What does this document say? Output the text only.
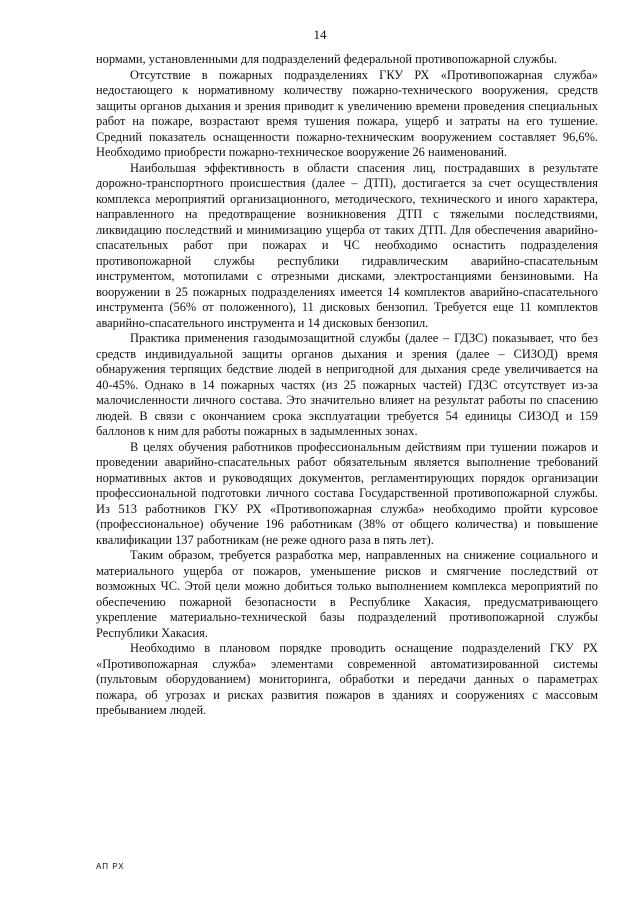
14

нормами, установленными для подразделений федеральной противопожарной службы.

Отсутствие в пожарных подразделениях ГКУ РХ «Противопожарная служба» недостающего к нормативному количеству пожарно-технического вооружения, средств защиты органов дыхания и зрения приводит к увеличению времени проведения специальных работ на пожаре, возрастают время тушения пожара, ущерб и затраты на его тушение. Средний показатель оснащенности пожарно-техническим вооружением составляет 96,6%. Необходимо приобрести пожарно-техническое вооружение 26 наименований.

Наибольшая эффективность в области спасения лиц, пострадавших в результате дорожно-транспортного происшествия (далее – ДТП), достигается за счет осуществления комплекса мероприятий организационного, методического, технического и иного характера, направленного на предотвращение возникновения ДТП с тяжелыми последствиями, ликвидацию последствий и минимизацию ущерба от таких ДТП. Для обеспечения аварийно-спасательных работ при пожарах и ЧС необходимо оснастить подразделения противопожарной службы республики гидравлическим аварийно-спасательным инструментом, мотопилами с отрезными дисками, электростанциями бензиновыми. На вооружении в 25 пожарных подразделениях имеется 14 комплектов аварийно-спасательного инструмента (56% от положенного), 11 дисковых бензопил. Требуется еще 11 комплектов аварийно-спасательного инструмента и 14 дисковых бензопил.

Практика применения газодымозащитной службы (далее – ГДЗС) показывает, что без средств индивидуальной защиты органов дыхания и зрения (далее – СИЗОД) время обнаружения терпящих бедствие людей в непригодной для дыхания среде увеличивается на 40-45%. Однако в 14 пожарных частях (из 25 пожарных частей) ГДЗС отсутствует из-за малочисленности личного состава. Это значительно влияет на результат работы по спасению людей. В связи с окончанием срока эксплуатации требуется 54 единицы СИЗОД и 159 баллонов к ним для работы пожарных в задымленных зонах.

В целях обучения работников профессиональным действиям при тушении пожаров и проведении аварийно-спасательных работ обязательным является выполнение требований нормативных актов и руководящих документов, регламентирующих порядок организации профессиональной подготовки личного состава Государственной противопожарной службы. Из 513 работников ГКУ РХ «Противопожарная служба» необходимо пройти курсовое (профессиональное) обучение 196 работникам (38% от общего количества) и повышение квалификации 137 работникам (не реже одного раза в пять лет).

Таким образом, требуется разработка мер, направленных на снижение социального и материального ущерба от пожаров, уменьшение рисков и смягчение последствий от возможных ЧС. Этой цели можно добиться только выполнением комплекса мероприятий по обеспечению пожарной безопасности в Республике Хакасия, предусматривающего укрепление материально-технической базы подразделений противопожарной службы Республики Хакасия.

Необходимо в плановом порядке проводить оснащение подразделений ГКУ РХ «Противопожарная служба» элементами современной автоматизированной системы (пультовым оборудованием) мониторинга, обработки и передачи данных о параметрах пожара, об угрозах и рисках развития пожаров в зданиях и сооружениях с массовым пребыванием людей.

АП РХ
